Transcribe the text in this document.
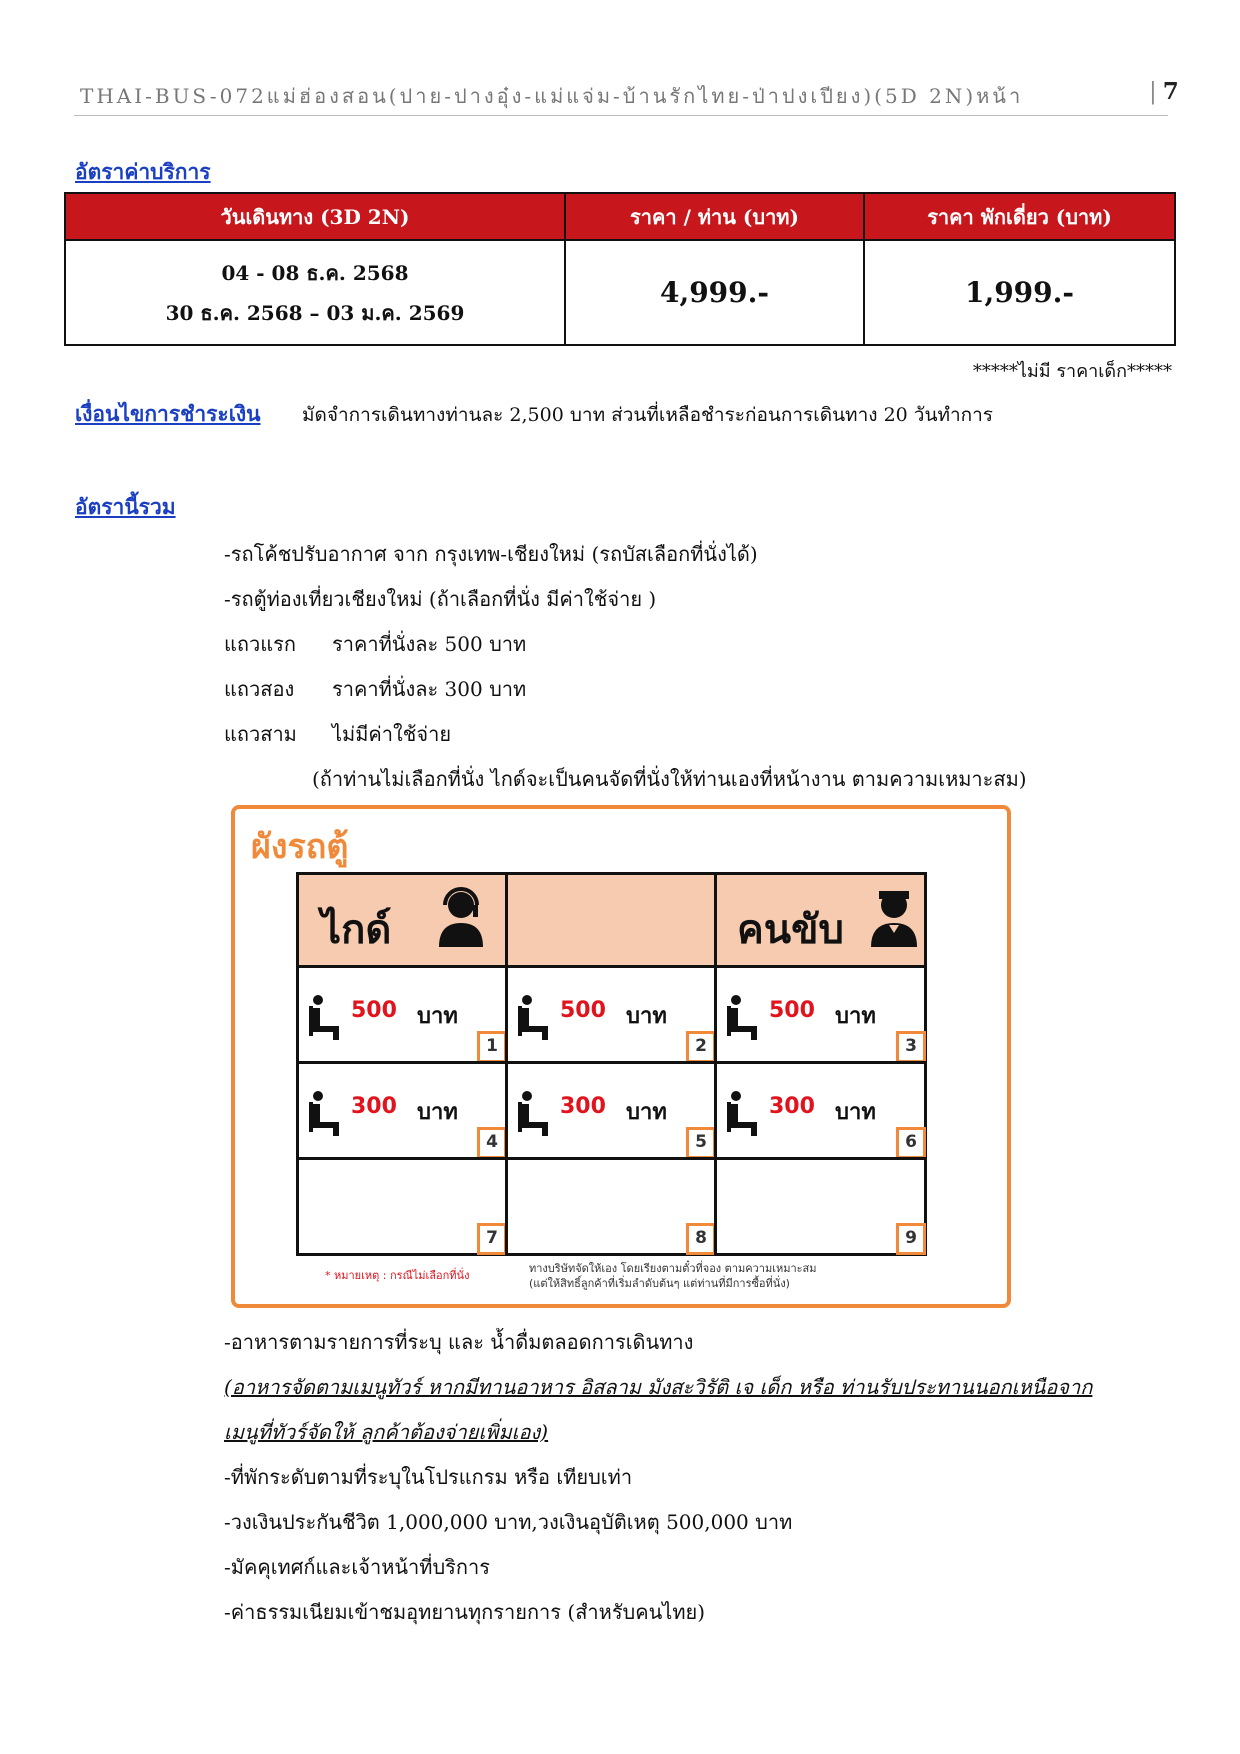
THAI-BUS-072แม่ฮ่องสอน(ปาย-ปางอุ๋ง-แม่แจ่ม-บ้านรักไทย-ป่าปงเปียง)(5D 2N)หน้า	| 7
อัตราค่าบริการ
วันเดินทาง (3D 2N)	ราคา / ท่าน (บาท)	ราคา พักเดี่ยว (บาท)

04 - 08 ธ.ค. 2568
30 ธ.ค. 2568 – 03 ม.ค. 2569	4,999.-	1,999.-
*****ไม่มี ราคาเด็ก*****
เงื่อนไขการชำระเงิน มัดจำการเดินทางท่านละ 2,500 บาท ส่วนที่เหลือชำระก่อนการเดินทาง 20 วันทำการ
อัตรานี้รวม
-รถโค้ชปรับอากาศ จาก กรุงเทพ-เชียงใหม่ (รถบัสเลือกที่นั่งได้)
-รถตู้ท่องเที่ยวเชียงใหม่ (ถ้าเลือกที่นั่ง มีค่าใช้จ่าย )
แถวแรก ราคาที่นั่งละ 500 บาท
แถวสอง ราคาที่นั่งละ 300 บาท
แถวสาม ไม่มีค่าใช้จ่าย
(ถ้าท่านไม่เลือกที่นั่ง ไกด์จะเป็นคนจัดที่นั่งให้ท่านเองที่หน้างาน ตามความเหมาะสม)
ผังรถตู้
ไกด์	คนขับ
500 บาท
1
500 บาท
2
500 บาท
3
300 บาท
4
300 บาท
5
300 บาท
6
7	8	9
* หมายเหตุ : กรณีไม่เลือกที่นั่ง
ทางบริษัทจัดให้เอง โดยเรียงตามตั๋วที่จอง ตามความเหมาะสม
(แต่ให้สิทธิ์ลูกค้าที่เริ่มลำดับต้นๆ แต่ท่านที่มีการซื้อที่นั่ง)
-อาหารตามรายการที่ระบุ และ น้ำดื่มตลอดการเดินทาง
(อาหารจัดตามเมนูทัวร์ หากมีทานอาหาร อิสลาม มังสะวิรัติ เจ เด็ก หรือ ท่านรับประทานนอกเหนือจาก
เมนูที่ทัวร์จัดให้ ลูกค้าต้องจ่ายเพิ่มเอง)
-ที่พักระดับตามที่ระบุในโปรแกรม หรือ เทียบเท่า
-วงเงินประกันชีวิต 1,000,000 บาท,วงเงินอุบัติเหตุ 500,000 บาท
-มัคคุเทศก์และเจ้าหน้าที่บริการ
-ค่าธรรมเนียมเข้าชมอุทยานทุกรายการ (สำหรับคนไทย)
